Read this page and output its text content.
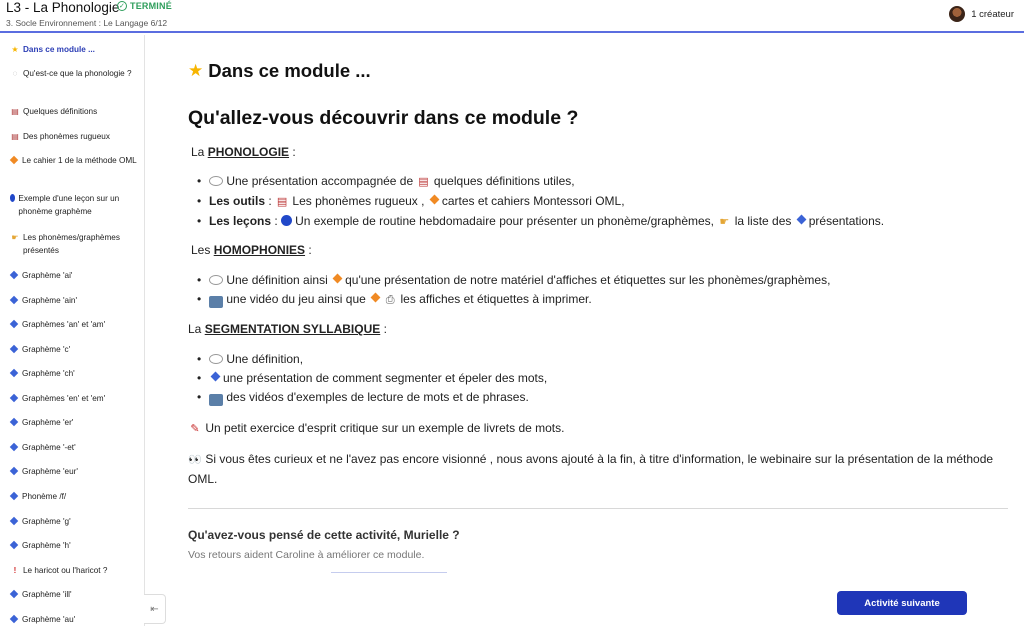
L3 - La Phonologie ✓ TERMINÉ
3. Socle Environnement : Le Langage 6/12
1 créateur
★ Dans ce module ...
◌ Qu'est-ce que la phonologie ?
▤ Quelques définitions
▤ Des phonèmes rugueux
Le cahier 1 de la méthode OML
Exemple d'une leçon sur un phonème graphème
☛ Les phonèmes/graphèmes présentés
Graphème 'ai'
Graphème 'ain'
Graphèmes 'an' et 'am'
Graphème 'c'
Graphème 'ch'
Graphèmes 'en' et 'em'
Graphème 'er'
Graphème '-et'
Graphème 'eur'
Phonème /f/
Graphème 'g'
Graphème 'h'
! Le haricot ou l'haricot ?
Graphème 'ill'
Graphème 'au'
⇤
★ Dans ce module ...
Qu'allez-vous découvrir dans ce module ?
La PHONOLOGIE :
• Une présentation accompagnée de ▤ quelques définitions utiles,
• Les outils : ▤ Les phonèmes rugueux , cartes et cahiers Montessori OML,
• Les leçons : Un exemple de routine hebdomadaire pour présenter un phonème/graphèmes, ☛ la liste des présentations.
Les HOMOPHONIES :
• Une définition ainsi qu'une présentation de notre matériel d'affiches et étiquettes sur les phonèmes/graphèmes,
• une vidéo du jeu ainsi que ⎙ les affiches et étiquettes à imprimer.
La SEGMENTATION SYLLABIQUE :
• Une définition,
• une présentation de comment segmenter et épeler des mots,
• des vidéos d'exemples de lecture de mots et de phrases.
✎ Un petit exercice d'esprit critique sur un exemple de livrets de mots.
👀 Si vous êtes curieux et ne l'avez pas encore visionné , nous avons ajouté à la fin, à titre d'information, le webinaire sur la présentation de la méthode OML.
Qu'avez-vous pensé de cette activité, Murielle ?
Vos retours aident Caroline à améliorer ce module.
Activité suivante
